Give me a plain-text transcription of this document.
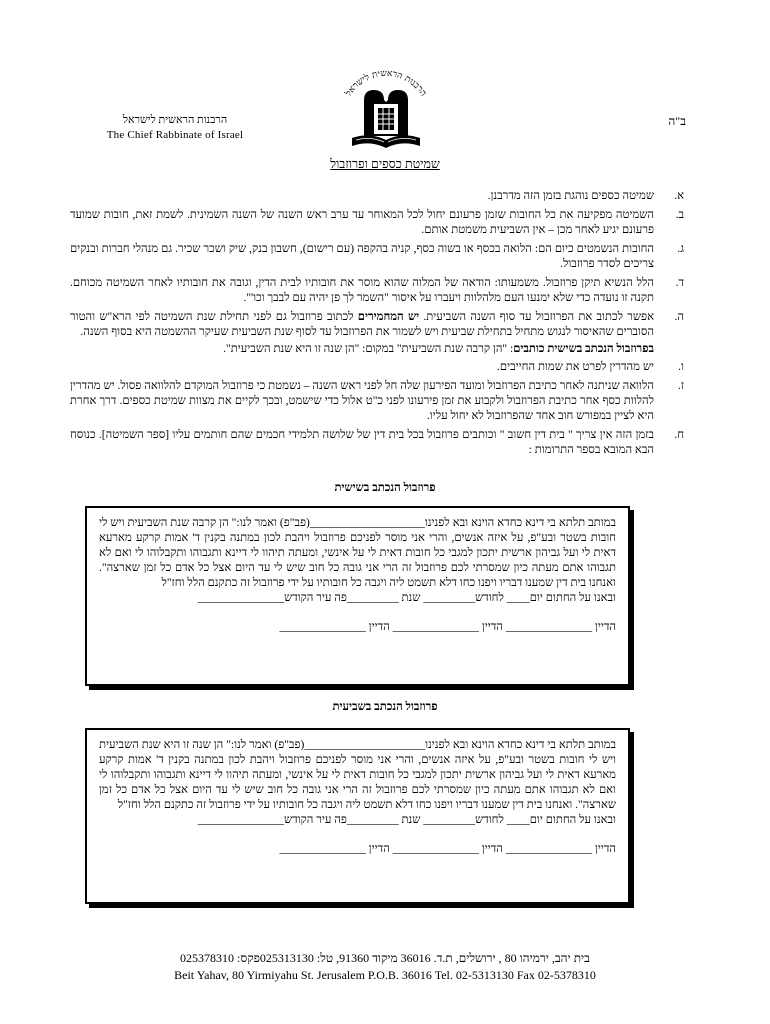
ב"ה
הרבנות הראשית לישראל
הרבנות הראשית לישראל
The Chief Rabbinate of Israel
שמיטת כספים ופרוזבול
א.
שמיטה כספים נוהגת בזמן הזה מדרבנן.
ב.
השמיטה מפקיעה את כל החובות שזמן פרעונם יחול לכל המאוחר עד ערב ראש השנה של השנה השמינית. לשמת זאת, חובות שמועד פרעונם יגיע לאחר מכן – אין השביעית משמטת אותם.
ג.
החובות הנשמטים כיום הם: הלואה בכסף או בשוה כסף, קניה בהקפה (עם רישום), חשבון בנק, שיק ושכר שכיר. גם מנהלי חברות ובנקים צריכים לסדר פרוזבול.
ד.
הלל הנשיא תיקן פרוזבול. משמעותו: הודאה של המלוה שהוא מוסר את חובותיו לבית הדין, וגובה את חובותיו לאחר השמיטה מכוחם. תקנה זו נועדה כדי שלא ימנעו העם מלהלוות ויעברו על איסור "השמר לך פן יהיה עם לבבך וכו'".
ה.
אפשר לכתוב את הפרוזבול עד סוף השנה השביעית. יש המחמירים לכתוב פרוזבול גם לפני תחילת שנת השמיטה לפי הרא"ש והטור הסוברים שהאיסור לנגוש מתחיל בתחילת שביעית ויש לשמור את הפרוזבול עד לסוף שנת השביעית שעיקר ההשמטה היא בסוף השנה.
בפרוזבול הנכתב בשישית כותבים: "הן קרבה שנת השביעית" במקום: "הן שנה זו היא שנת השביעית".
ו.
יש מהדרין לפרט את שמות החייבים.
ז.
הלוואה שניתנה לאחר כתיבת הפרוזבול ומועד הפירעון שלה חל לפני ראש השנה – נשמטת כי פרוזבול המוקדם להלוואה פסול. יש מהדרין להלוות כסף אחר כתיבת הפרוזבול ולקבוע את זמן פירעונו לפני כ"ט אלול כדי שישמט, ובכך לקיים את מצוות שמיטת כספים. דרך אחרת היא לציין במפורש חוב אחד שהפרוזבול לא יחול עליו.
ח.
בזמן הזה אין צריך " בית דין חשוב " וכותבים פרוזבול בכל בית דין של שלושה תלמידי חכמים שהם חותמים עליו [ספר השמיטה]. כנוסח הבא המובא בספר התרומות :
פרוזבול הנכתב בשישית
במותב תלתא בי דינא כחדא הוינא ובא לפנינו____________________(פב"פ) ואמר לנו:" הן קרבה שנת השביעית ויש לי חובות בשטר ובע"פ, על איזה אנשים, והרי אני מוסר לפניכם פרוזבול ויהבת לכון במתנה בקנין ד' אמות קרקע מארעא דאית לי ועל גביהון ארשית יתכון למגבי כל חובות דאית לי על אינשי, ומעתה תיהוו לי דיינא ותגבוהו ותקבלוהו לי ואם לא תגבוהו אתם מעתה כיון שמסרתי לכם פרוזבול זה הרי אני גובה כל חוב שיש לי עד היום אצל כל אדם כל זמן שארצה". ואנחנו בית דין שמענו דבריו ויפנו כחו דלא תשמט ליה ויגבה כל חובותיו על ידי פרוזבול זה כתקנם הלל וחז"ל
ובאנו על החתום יום____ לחודש_________ שנת _________פה עיר הקודש_______________
הדיין _______________ הדיין _______________ הדיין _______________
פרוזבול הנכתב בשביעית
במותב תלתא בי דינא כחדא הוינא ובא לפנינו_____________________(פב"פ) ואמר לנו:" הן שנה זו היא שנת השביעית ויש לי חובות בשטר ובע"פ, על איזה אנשים, והרי אני מוסר לפניכם פרוזבול ויהבת לכון במתנה בקנין ד' אמות קרקע מארעא דאית לי ועל גביהון ארשית יתכון למגבי כל חובות דאית לי על אינשי, ומעתה תיהוו לי דיינא ותגבוהו ותקבלוהו לי ואם לא תגבוהו אתם מעתה כיון שמסרתי לכם פרוזבול זה הרי אני גובה כל חוב שיש לי עד היום אצל כל אדם כל זמן שארצה". ואנחנו בית דין שמענו דבריו ויפנו כחו דלא תשמט ליה ויגבה כל חובותיו על ידי פרוזבול זה כתקנם הלל וחז"ל
ובאנו על החתום יום____ לחודש_________ שנת _________פה עיר הקודש_______________
הדיין _______________ הדיין _______________ הדיין _______________
בית יהב, ירמיהו 80 , ירושלים, ת.ד. 36016 מיקוד 91360, טל: 025313130פקס: 025378310
Beit Yahav, 80 Yirmiyahu St. Jerusalem P.O.B. 36016 Tel. 02-5313130 Fax 02-5378310
